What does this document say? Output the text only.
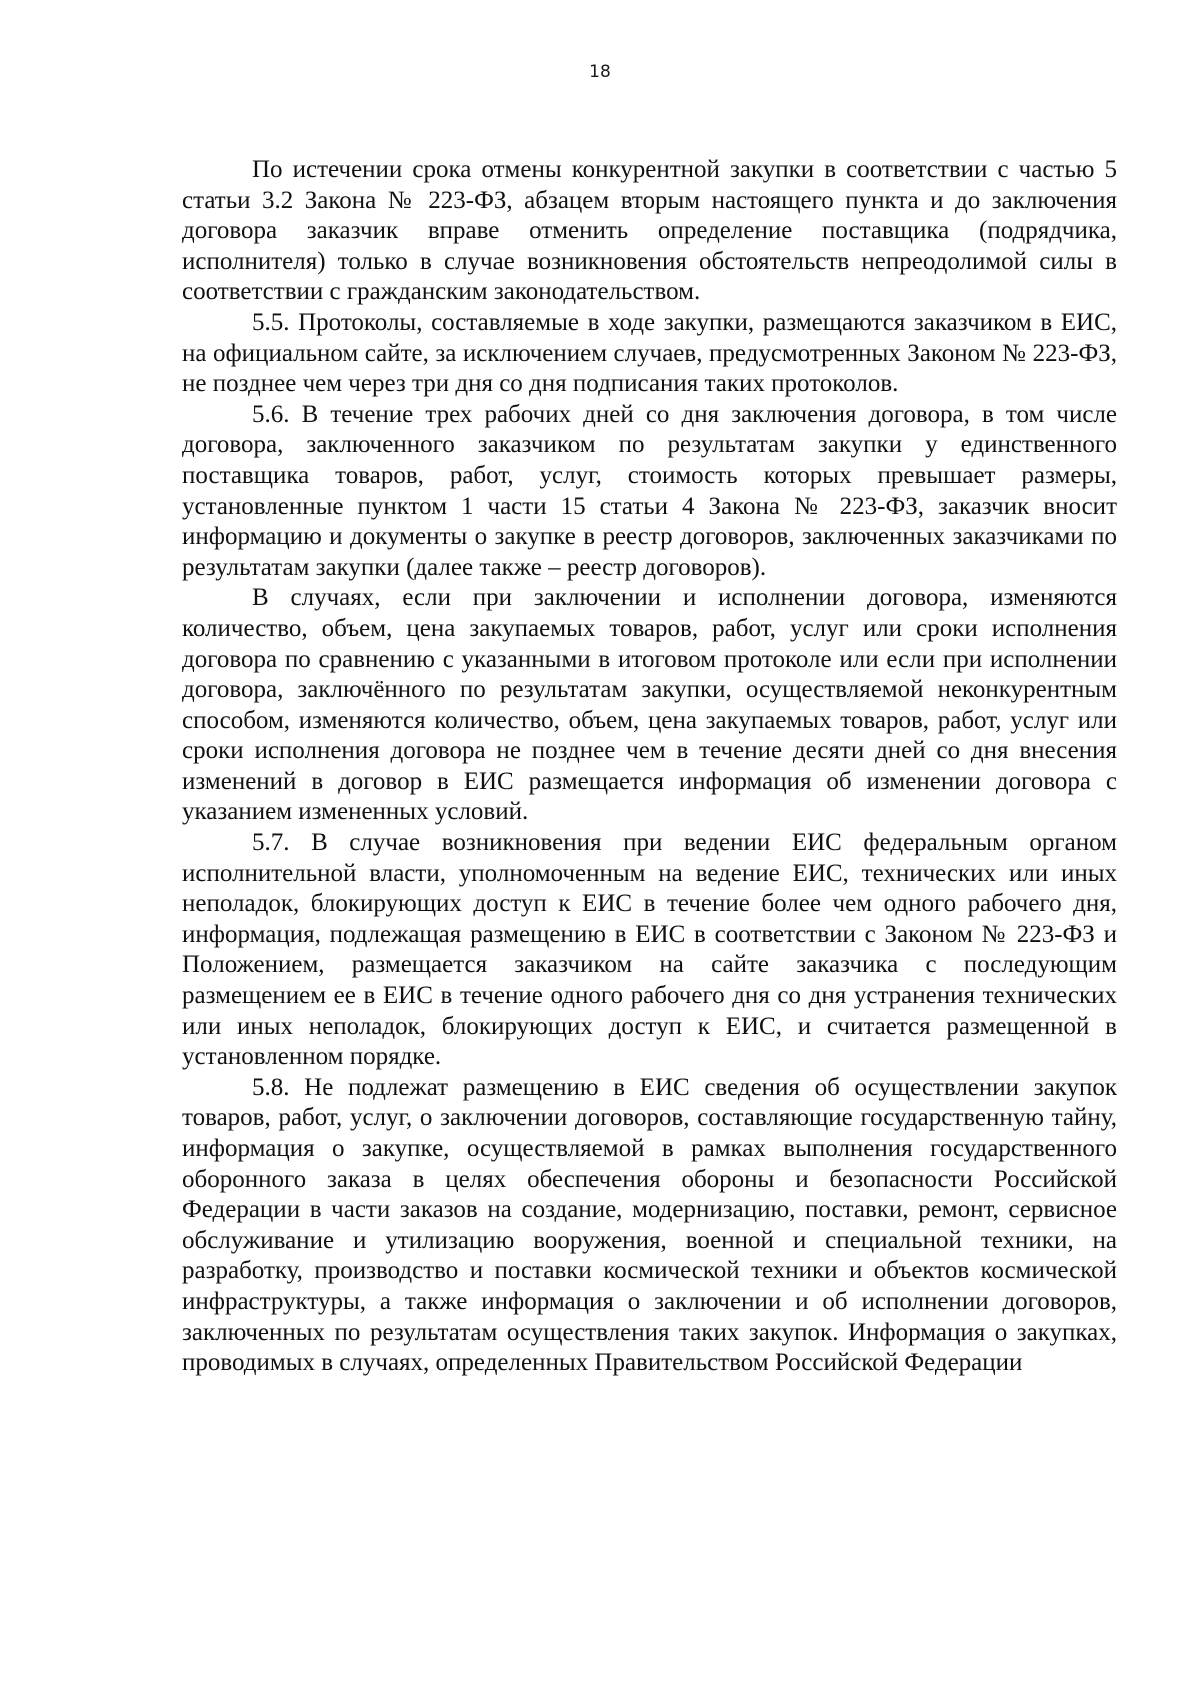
18

По истечении срока отмены конкурентной закупки в соответствии с частью 5 статьи 3.2 Закона № 223-ФЗ, абзацем вторым настоящего пункта и до заключения договора заказчик вправе отменить определение поставщика (подрядчика, исполнителя) только в случае возникновения обстоятельств непреодолимой силы в соответствии с гражданским законодательством.

5.5. Протоколы, составляемые в ходе закупки, размещаются заказчиком в ЕИС, на официальном сайте, за исключением случаев, предусмотренных Законом № 223-ФЗ, не позднее чем через три дня со дня подписания таких протоколов.

5.6. В течение трех рабочих дней со дня заключения договора, в том числе договора, заключенного заказчиком по результатам закупки у единственного поставщика товаров, работ, услуг, стоимость которых превышает размеры, установленные пунктом 1 части 15 статьи 4 Закона № 223-ФЗ, заказчик вносит информацию и документы о закупке в реестр договоров, заключенных заказчиками по результатам закупки (далее также – реестр договоров).

В случаях, если при заключении и исполнении договора, изменяются количество, объем, цена закупаемых товаров, работ, услуг или сроки исполнения договора по сравнению с указанными в итоговом протоколе или если при исполнении договора, заключённого по результатам закупки, осуществляемой неконкурентным способом, изменяются количество, объем, цена закупаемых товаров, работ, услуг или сроки исполнения договора не позднее чем в течение десяти дней со дня внесения изменений в договор в ЕИС размещается информация об изменении договора с указанием измененных условий.

5.7. В случае возникновения при ведении ЕИС федеральным органом исполнительной власти, уполномоченным на ведение ЕИС, технических или иных неполадок, блокирующих доступ к ЕИС в течение более чем одного рабочего дня, информация, подлежащая размещению в ЕИС в соответствии с Законом № 223-ФЗ и Положением, размещается заказчиком на сайте заказчика с последующим размещением ее в ЕИС в течение одного рабочего дня со дня устранения технических или иных неполадок, блокирующих доступ к ЕИС, и считается размещенной в установленном порядке.

5.8. Не подлежат размещению в ЕИС сведения об осуществлении закупок товаров, работ, услуг, о заключении договоров, составляющие государственную тайну, информация о закупке, осуществляемой в рамках выполнения государственного оборонного заказа в целях обеспечения обороны и безопасности Российской Федерации в части заказов на создание, модернизацию, поставки, ремонт, сервисное обслуживание и утилизацию вооружения, военной и специальной техники, на разработку, производство и поставки космической техники и объектов космической инфраструктуры, а также информация о заключении и об исполнении договоров, заключенных по результатам осуществления таких закупок. Информация о закупках, проводимых в случаях, определенных Правительством Российской Федерации
